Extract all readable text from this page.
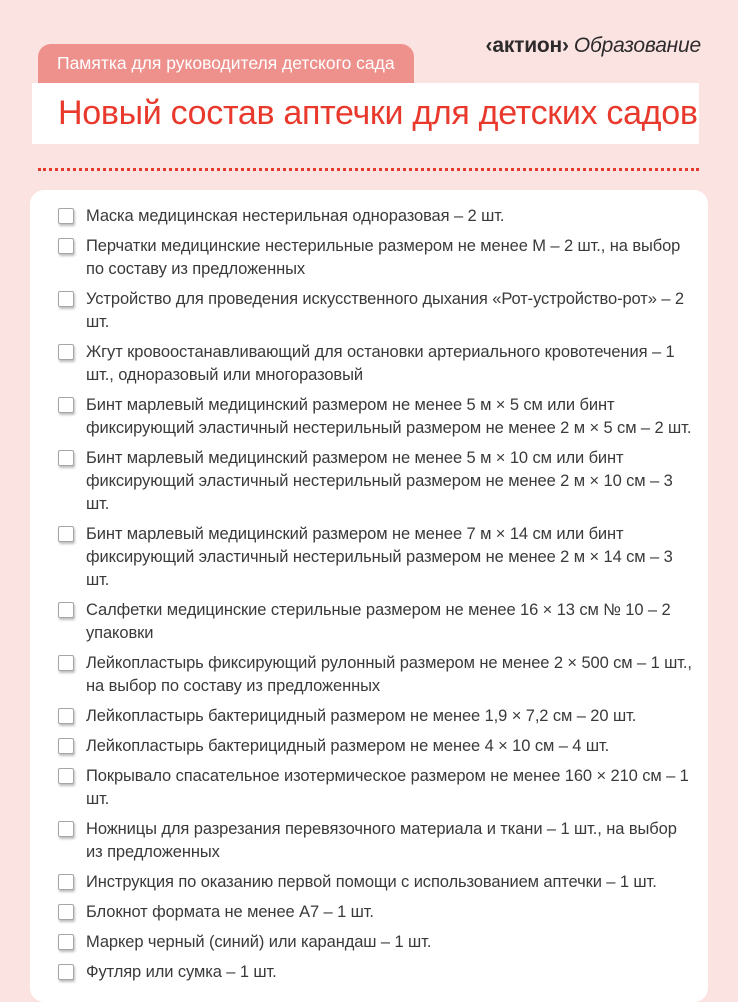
‹актион› Образование
Памятка для руководителя детского сада
Новый состав аптечки для детских садов
Маска медицинская нестерильная одноразовая – 2 шт.
Перчатки медицинские нестерильные размером не менее M – 2 шт., на выбор по составу из предложенных
Устройство для проведения искусственного дыхания «Рот-устройство-рот» – 2 шт.
Жгут кровоостанавливающий для остановки артериального кровотечения – 1 шт., одноразовый или многоразовый
Бинт марлевый медицинский размером не менее 5 м × 5 см или бинт фиксирующий эластичный нестерильный размером не менее 2 м × 5 см – 2 шт.
Бинт марлевый медицинский размером не менее 5 м × 10 см или бинт фиксирующий эластичный нестерильный размером не менее 2 м × 10 см – 3 шт.
Бинт марлевый медицинский размером не менее 7 м × 14 см или бинт фиксирующий эластичный нестерильный размером не менее 2 м × 14 см – 3 шт.
Салфетки медицинские стерильные размером не менее 16 × 13 см № 10 – 2 упаковки
Лейкопластырь фиксирующий рулонный размером не менее 2 × 500 см – 1 шт., на выбор по составу из предложенных
Лейкопластырь бактерицидный размером не менее 1,9 × 7,2 см – 20 шт.
Лейкопластырь бактерицидный размером не менее 4 × 10 см – 4 шт.
Покрывало спасательное изотермическое размером не менее 160 × 210 см – 1 шт.
Ножницы для разрезания перевязочного материала и ткани – 1 шт., на выбор из предложенных
Инструкция по оказанию первой помощи с использованием аптечки – 1 шт.
Блокнот формата не менее А7 – 1 шт.
Маркер черный (синий) или карандаш – 1 шт.
Футляр или сумка – 1 шт.
